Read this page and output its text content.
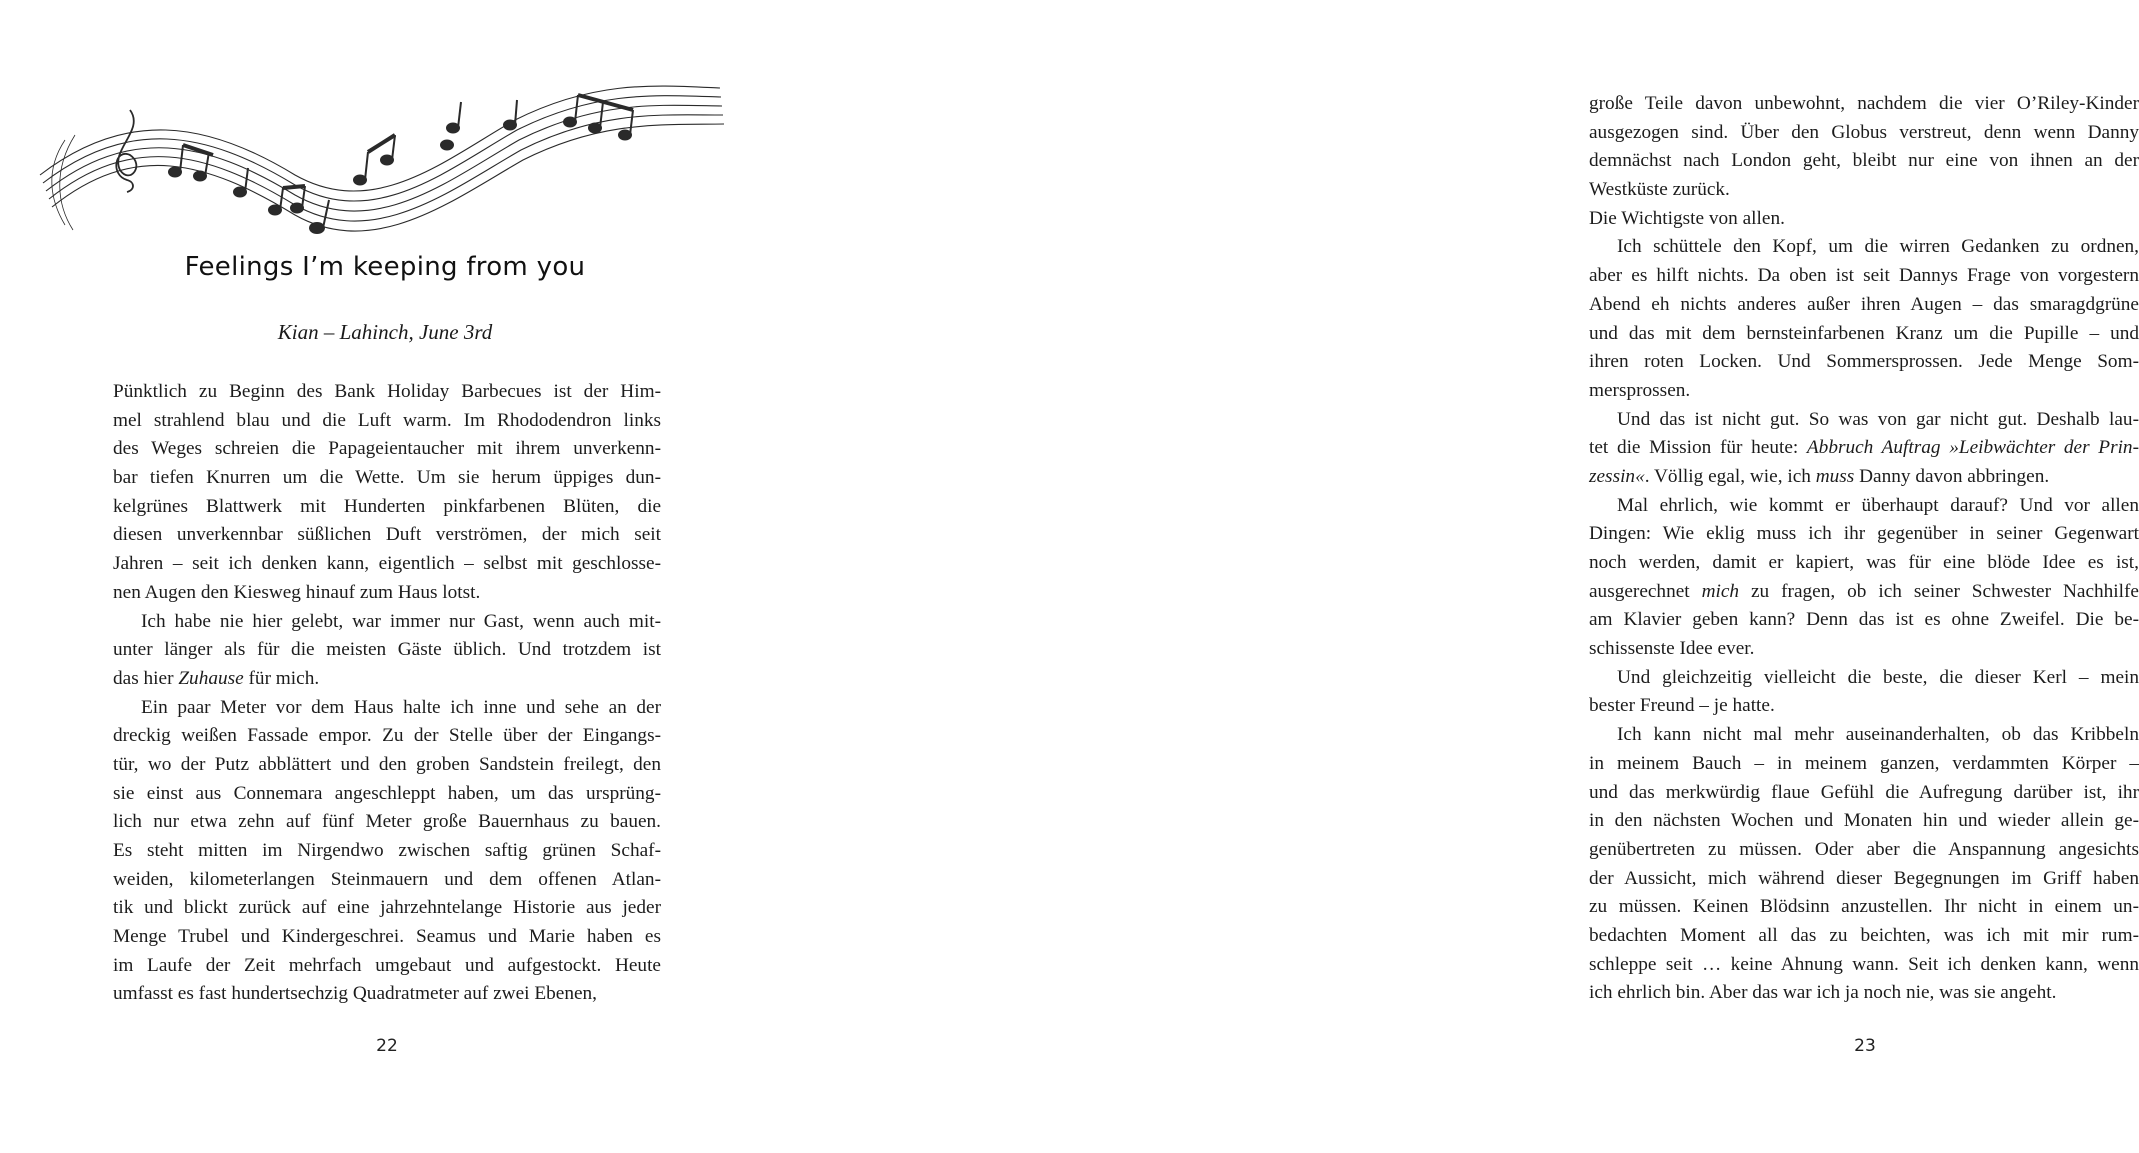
Feelings I’m keeping from you
Kian – Lahinch, June 3rd
Pünktlich zu Beginn des Bank Holiday Barbecues ist der Him-
mel strahlend blau und die Luft warm. Im Rhododendron links
des Weges schreien die Papageientaucher mit ihrem unverkenn-
bar tiefen Knurren um die Wette. Um sie herum üppiges dun-
kelgrünes Blattwerk mit Hunderten pinkfarbenen Blüten, die
diesen unverkennbar süßlichen Duft verströmen, der mich seit
Jahren – seit ich denken kann, eigentlich – selbst mit geschlosse-
nen Augen den Kiesweg hinauf zum Haus lotst.
Ich habe nie hier gelebt, war immer nur Gast, wenn auch mit-
unter länger als für die meisten Gäste üblich. Und trotzdem ist
das hier Zuhause für mich.
Ein paar Meter vor dem Haus halte ich inne und sehe an der
dreckig weißen Fassade empor. Zu der Stelle über der Eingangs-
tür, wo der Putz abblättert und den groben Sandstein freilegt, den
sie einst aus Connemara angeschleppt haben, um das ursprüng-
lich nur etwa zehn auf fünf Meter große Bauernhaus zu bauen.
Es steht mitten im Nirgendwo zwischen saftig grünen Schaf-
weiden, kilometerlangen Steinmauern und dem offenen Atlan-
tik und blickt zurück auf eine jahrzehntelange Historie aus jeder
Menge Trubel und Kindergeschrei. Seamus und Marie haben es
im Laufe der Zeit mehrfach umgebaut und aufgestockt. Heute
umfasst es fast hundertsechzig Quadratmeter auf zwei Ebenen,
22
große Teile davon unbewohnt, nachdem die vier O’Riley-Kinder
ausgezogen sind. Über den Globus verstreut, denn wenn Danny
demnächst nach London geht, bleibt nur eine von ihnen an der
Westküste zurück.
Die Wichtigste von allen.
Ich schüttele den Kopf, um die wirren Gedanken zu ordnen,
aber es hilft nichts. Da oben ist seit Dannys Frage von vorgestern
Abend eh nichts anderes außer ihren Augen – das smaragdgrüne
und das mit dem bernsteinfarbenen Kranz um die Pupille – und
ihren roten Locken. Und Sommersprossen. Jede Menge Som-
mersprossen.
Und das ist nicht gut. So was von gar nicht gut. Deshalb lau-
tet die Mission für heute: Abbruch Auftrag »Leibwächter der Prin-
zessin«. Völlig egal, wie, ich muss Danny davon abbringen.
Mal ehrlich, wie kommt er überhaupt darauf? Und vor allen
Dingen: Wie eklig muss ich ihr gegenüber in seiner Gegenwart
noch werden, damit er kapiert, was für eine blöde Idee es ist,
ausgerechnet mich zu fragen, ob ich seiner Schwester Nachhilfe
am Klavier geben kann? Denn das ist es ohne Zweifel. Die be-
schissenste Idee ever.
Und gleichzeitig vielleicht die beste, die dieser Kerl – mein
bester Freund – je hatte.
Ich kann nicht mal mehr auseinanderhalten, ob das Kribbeln
in meinem Bauch – in meinem ganzen, verdammten Körper –
und das merkwürdig flaue Gefühl die Aufregung darüber ist, ihr
in den nächsten Wochen und Monaten hin und wieder allein ge-
genübertreten zu müssen. Oder aber die Anspannung angesichts
der Aussicht, mich während dieser Begegnungen im Griff haben
zu müssen. Keinen Blödsinn anzustellen. Ihr nicht in einem un-
bedachten Moment all das zu beichten, was ich mit mir rum-
schleppe seit … keine Ahnung wann. Seit ich denken kann, wenn
ich ehrlich bin. Aber das war ich ja noch nie, was sie angeht.
23
